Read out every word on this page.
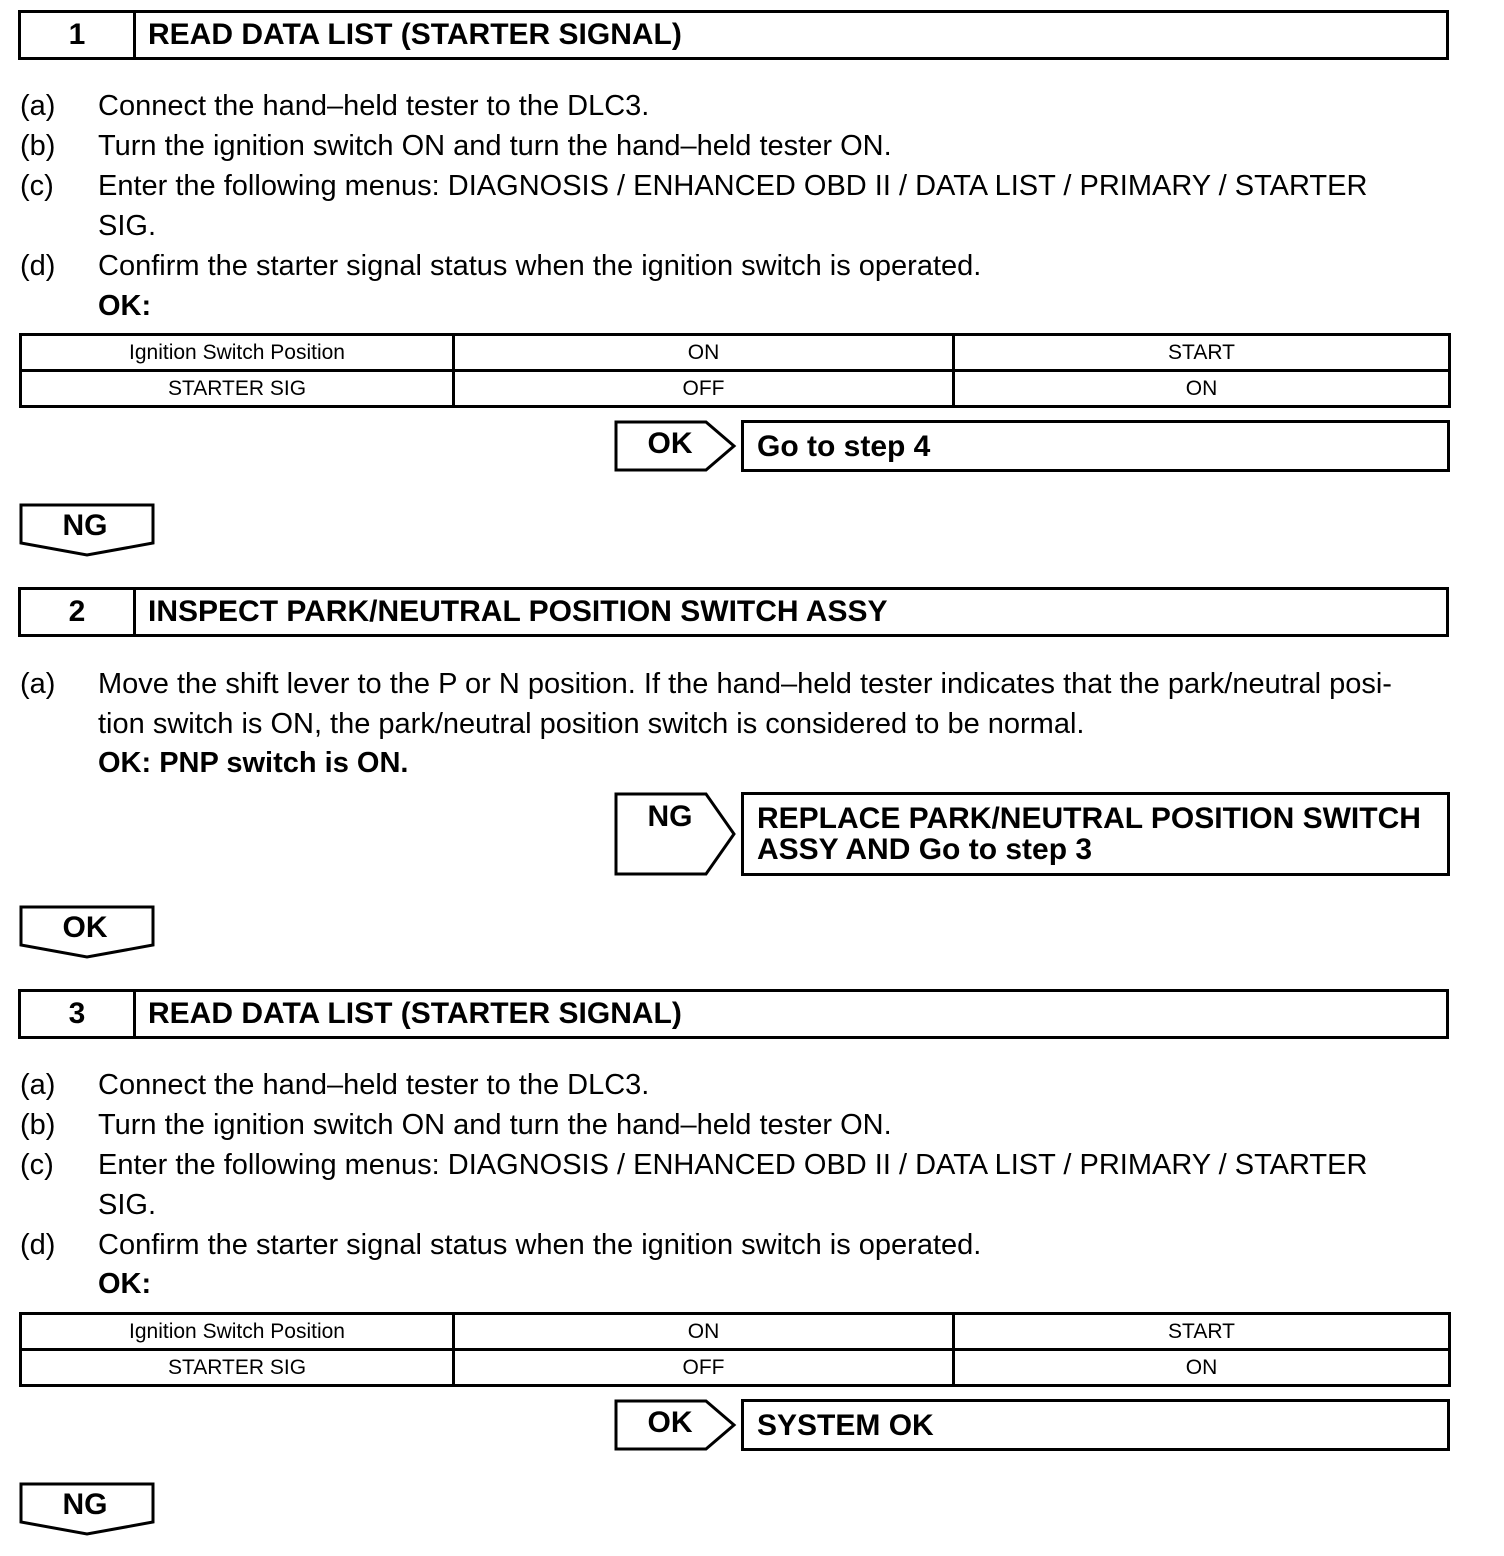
1	READ DATA LIST (STARTER SIGNAL)
(a) Connect the hand–held tester to the DLC3.
(b) Turn the ignition switch ON and turn the hand–held tester ON.
(c) Enter the following menus: DIAGNOSIS / ENHANCED OBD II / DATA LIST / PRIMARY / STARTER
SIG.
(d) Confirm the starter signal status when the ignition switch is operated.
OK:
Ignition Switch Position	ON	START
STARTER SIG	OFF	ON
OK	Go to step 4
NG
2	INSPECT PARK/NEUTRAL POSITION SWITCH ASSY
(a) Move the shift lever to the P or N position. If the hand–held tester indicates that the park/neutral posi-
tion switch is ON, the park/neutral position switch is considered to be normal.
OK: PNP switch is ON.
NG	REPLACE PARK/NEUTRAL POSITION SWITCH
ASSY AND Go to step 3
OK
3	READ DATA LIST (STARTER SIGNAL)
(a) Connect the hand–held tester to the DLC3.
(b) Turn the ignition switch ON and turn the hand–held tester ON.
(c) Enter the following menus: DIAGNOSIS / ENHANCED OBD II / DATA LIST / PRIMARY / STARTER
SIG.
(d) Confirm the starter signal status when the ignition switch is operated.
OK:
Ignition Switch Position	ON	START
STARTER SIG	OFF	ON
OK	SYSTEM OK
NG
